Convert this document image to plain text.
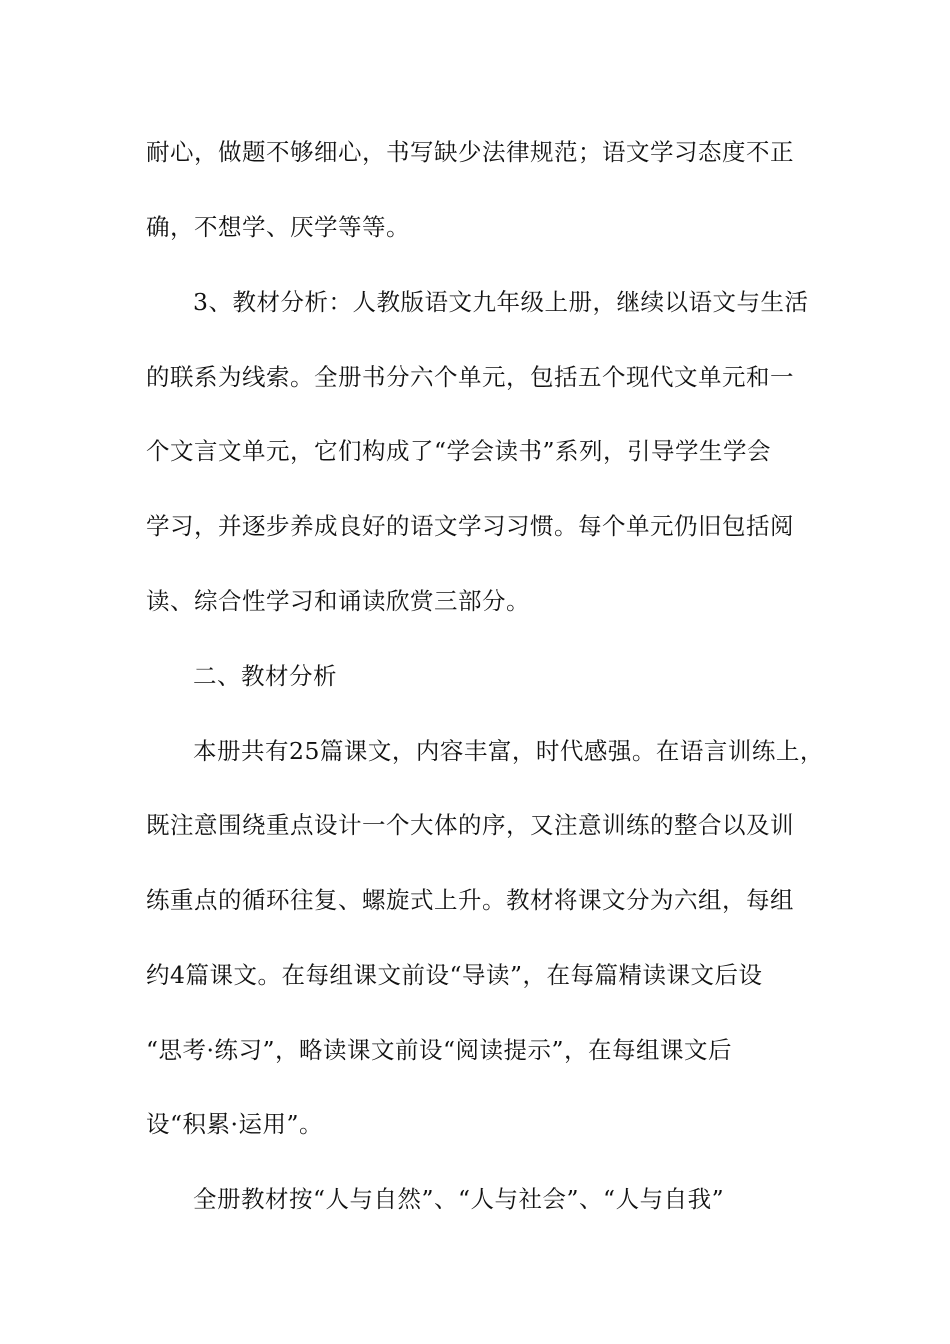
耐心，做题不够细心，书写缺少法律规范；语文学习态度不正
确，不想学、厌学等等。
3、教材分析：人教版语文九年级上册，继续以语文与生活
的联系为线索。全册书分六个单元，包括五个现代文单元和一
个文言文单元，它们构成了“学会读书”系列，引导学生学会
学习，并逐步养成良好的语文学习习惯。每个单元仍旧包括阅
读、综合性学习和诵读欣赏三部分。
二、教材分析
本册共有25篇课文，内容丰富，时代感强。在语言训练上，
既注意围绕重点设计一个大体的序，又注意训练的整合以及训
练重点的循环往复、螺旋式上升。教材将课文分为六组，每组
约4篇课文。在每组课文前设“导读”，在每篇精读课文后设
“思考·练习”，略读课文前设“阅读提示”，在每组课文后
设“积累·运用”。
全册教材按“人与自然”、“人与社会”、“人与自我”
